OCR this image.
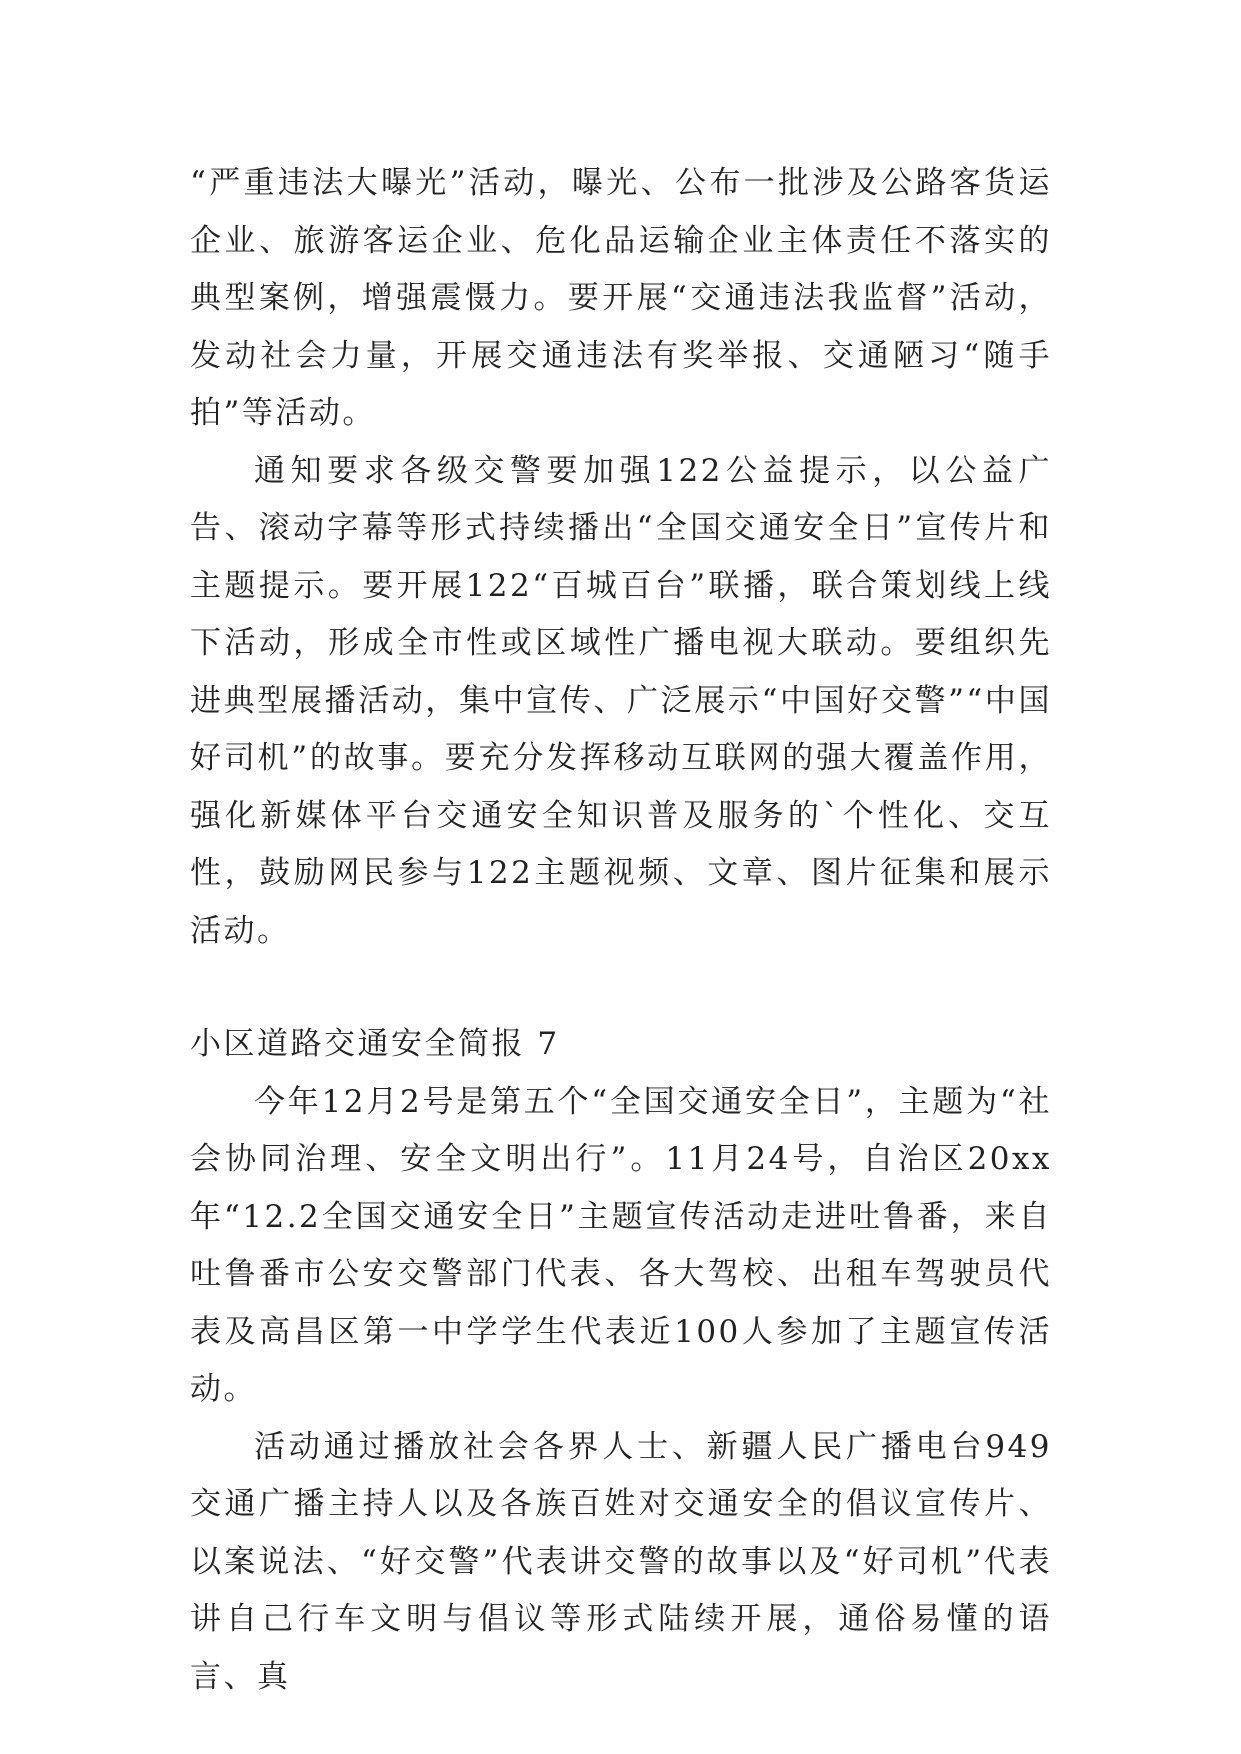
“严重违法大曝光”活动，曝光、公布一批涉及公路客货运企业、旅游客运企业、危化品运输企业主体责任不落实的典型案例，增强震慑力。要开展“交通违法我监督”活动，发动社会力量，开展交通违法有奖举报、交通陋习“随手拍”等活动。

通知要求各级交警要加强122公益提示，以公益广告、滚动字幕等形式持续播出“全国交通安全日”宣传片和主题提示。要开展122“百城百台”联播，联合策划线上线下活动，形成全市性或区域性广播电视大联动。要组织先进典型展播活动，集中宣传、广泛展示“中国好交警”“中国好司机”的故事。要充分发挥移动互联网的强大覆盖作用，强化新媒体平台交通安全知识普及服务的`个性化、交互性，鼓励网民参与122主题视频、文章、图片征集和展示活动。

小区道路交通安全简报 7

今年12月2号是第五个“全国交通安全日”，主题为“社会协同治理、安全文明出行”。11月24号，自治区20xx年“12.2全国交通安全日”主题宣传活动走进吐鲁番，来自吐鲁番市公安交警部门代表、各大驾校、出租车驾驶员代表及高昌区第一中学学生代表近100人参加了主题宣传活动。

活动通过播放社会各界人士、新疆人民广播电台949交通广播主持人以及各族百姓对交通安全的倡议宣传片、以案说法、“好交警”代表讲交警的故事以及“好司机”代表讲自己行车文明与倡议等形式陆续开展，通俗易懂的语言、真
